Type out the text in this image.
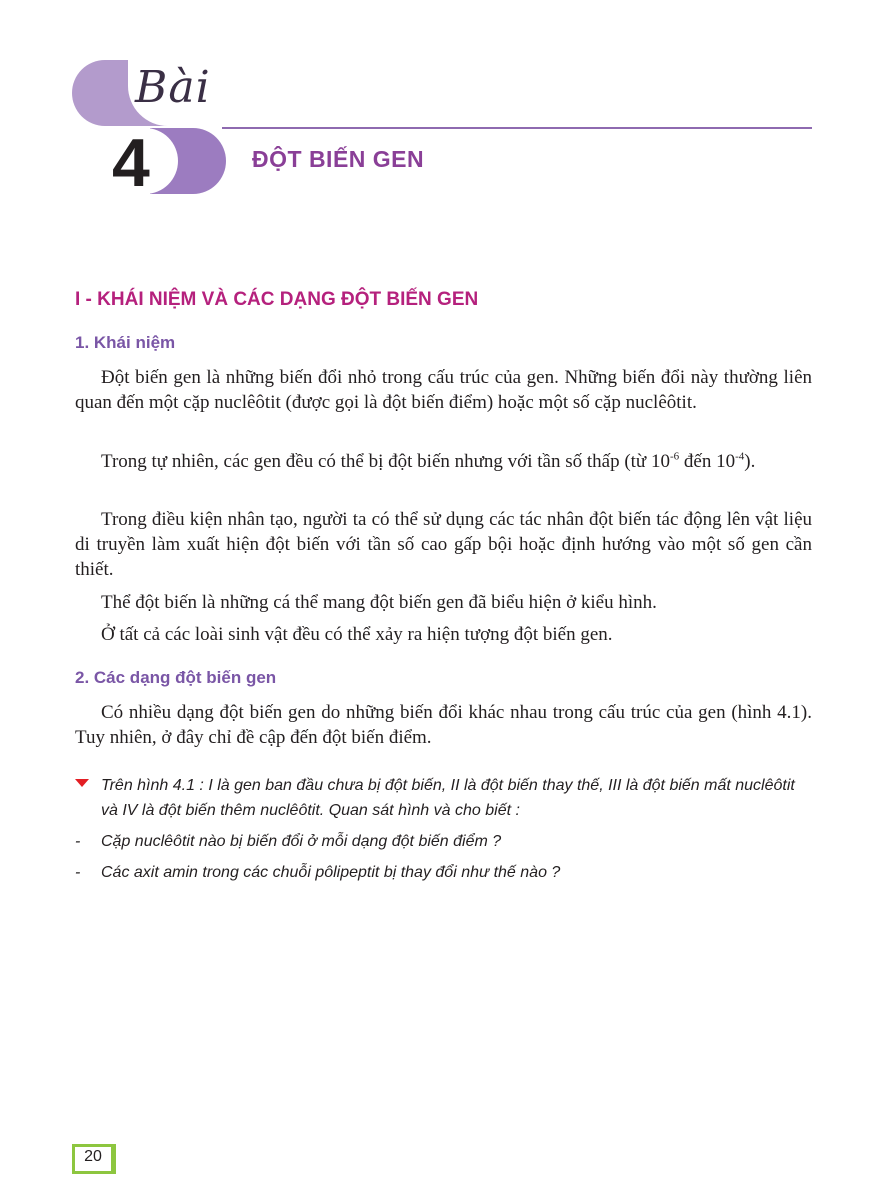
Bài
4	ĐỘT BIẾN GEN
I - KHÁI NIỆM VÀ CÁC DẠNG ĐỘT BIẾN GEN
1. Khái niệm
Đột biến gen là những biến đổi nhỏ trong cấu trúc của gen. Những biến đổi này thường liên quan đến một cặp nuclêôtit (được gọi là đột biến điểm) hoặc một số cặp nuclêôtit.
Trong tự nhiên, các gen đều có thể bị đột biến nhưng với tần số thấp (từ $10^{-6}$ đến $10^{-4}$).
Trong điều kiện nhân tạo, người ta có thể sử dụng các tác nhân đột biến tác động lên vật liệu di truyền làm xuất hiện đột biến với tần số cao gấp bội hoặc định hướng vào một số gen cần thiết.
Thể đột biến là những cá thể mang đột biến gen đã biểu hiện ở kiểu hình.
Ở tất cả các loài sinh vật đều có thể xảy ra hiện tượng đột biến gen.
2. Các dạng đột biến gen
Có nhiều dạng đột biến gen do những biến đổi khác nhau trong cấu trúc của gen (hình 4.1). Tuy nhiên, ở đây chỉ đề cập đến đột biến điểm.
Trên hình 4.1 : I là gen ban đầu chưa bị đột biến, II là đột biến thay thế, III là đột biến mất nuclêôtit và IV là đột biến thêm nuclêôtit. Quan sát hình và cho biết :
- Cặp nuclêôtit nào bị biến đổi ở mỗi dạng đột biến điểm ?
- Các axit amin trong các chuỗi pôlipeptit bị thay đổi như thế nào ?
20
